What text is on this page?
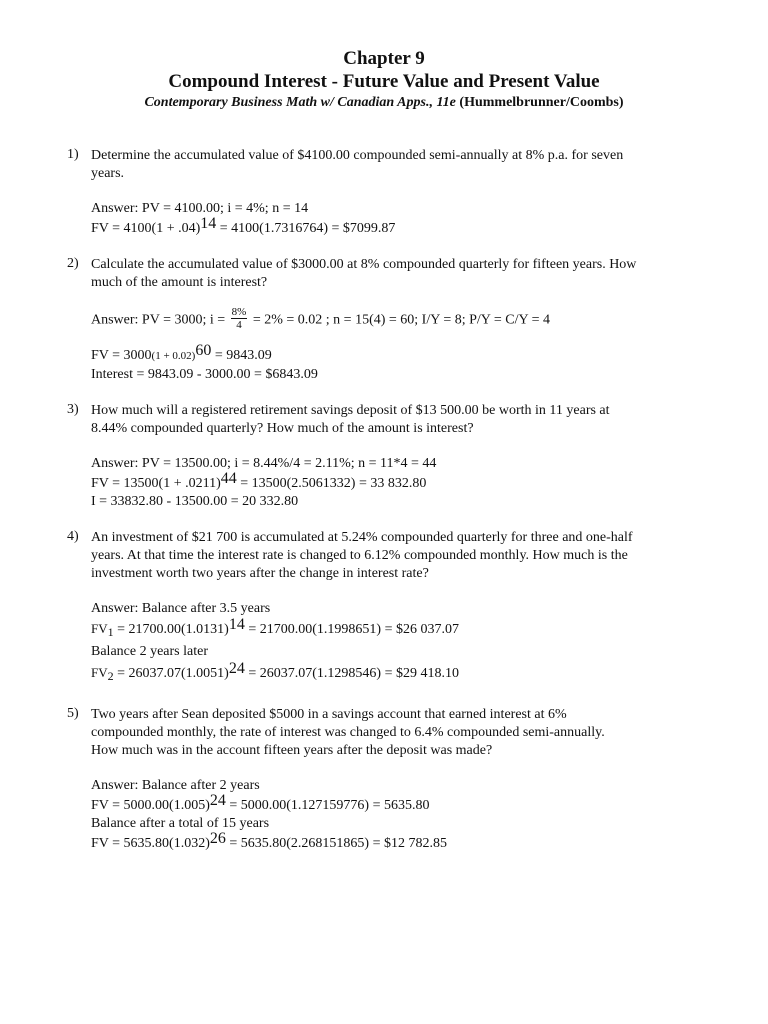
Chapter 9
Compound Interest - Future Value and Present Value
Contemporary Business Math w/ Canadian Apps., 11e (Hummelbrunner/Coombs)
1) Determine the accumulated value of $4100.00 compounded semi-annually at 8% p.a. for seven
years.
Answer: PV = 4100.00; i = 4%; n = 14
FV = 4100(1 + .04)14 = 4100(1.7316764) = $7099.87
2) Calculate the accumulated value of $3000.00 at 8% compounded quarterly for fifteen years. How
much of the amount is interest?
Answer: PV = 3000; $i = \frac{8\%}{4} = 2\% = 0.02$ ; n = 15(4) = 60; I/Y = 8; P/Y = C/Y = 4
FV = 3000(1 + 0.02)60 = 9843.09
Interest = 9843.09 - 3000.00 = $6843.09
3) How much will a registered retirement savings deposit of $13 500.00 be worth in 11 years at
8.44% compounded quarterly? How much of the amount is interest?
Answer: PV = 13500.00; i = 8.44%/4 = 2.11%; n = 11*4 = 44
FV = 13500(1 + .0211)44 = 13500(2.5061332) = 33 832.80
I = 33832.80 - 13500.00 = 20 332.80
4) An investment of $21 700 is accumulated at 5.24% compounded quarterly for three and one-half
years. At that time the interest rate is changed to 6.12% compounded monthly. How much is the
investment worth two years after the change in interest rate?
Answer: Balance after 3.5 years
FV1 = 21700.00(1.0131)14 = 21700.00(1.1998651) = $26 037.07
Balance 2 years later
FV2 = 26037.07(1.0051)24 = 26037.07(1.1298546) = $29 418.10
5) Two years after Sean deposited $5000 in a savings account that earned interest at 6%
compounded monthly, the rate of interest was changed to 6.4% compounded semi-annually.
How much was in the account fifteen years after the deposit was made?
Answer: Balance after 2 years
FV = 5000.00(1.005)24 = 5000.00(1.127159776) = 5635.80
Balance after a total of 15 years
FV = 5635.80(1.032)26 = 5635.80(2.268151865) = $12 782.85
